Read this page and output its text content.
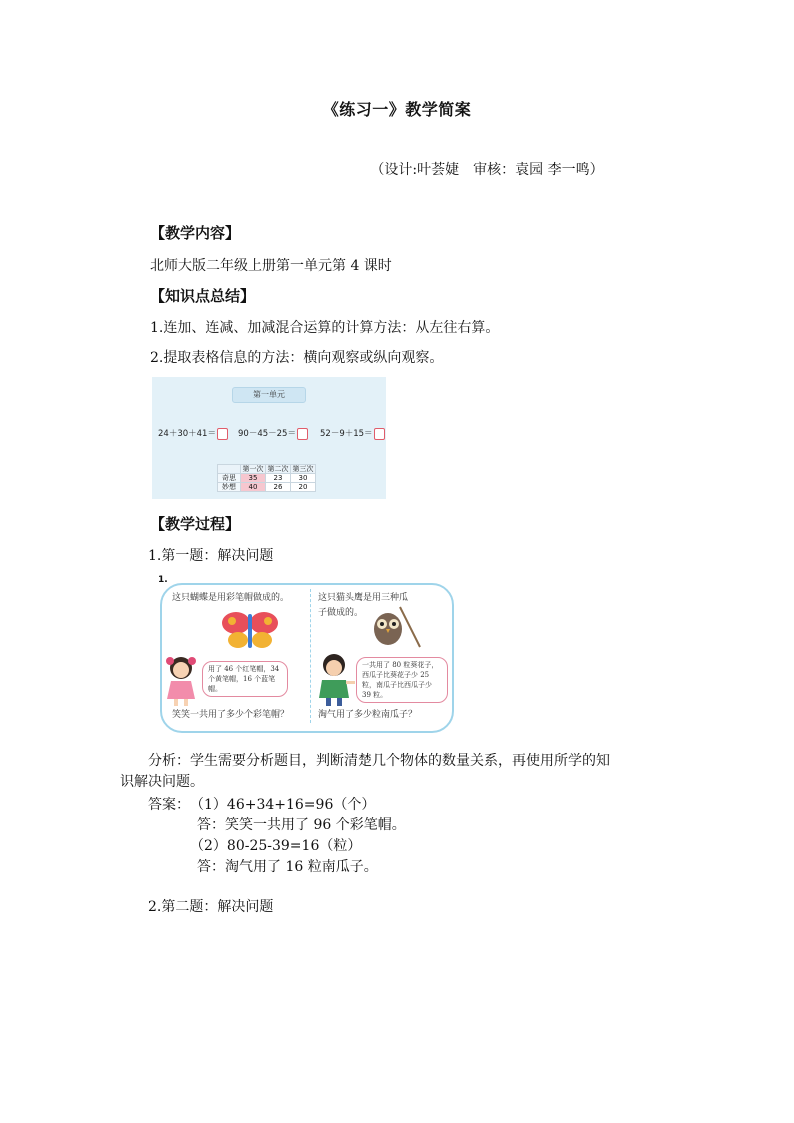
《练习一》教学简案
（设计:叶荟婕　审核：袁园 李一鸣）
【教学内容】
北师大版二年级上册第一单元第 4 课时
【知识点总结】
1.连加、连减、加减混合运算的计算方法：从左往右算。
2.提取表格信息的方法：横向观察或纵向观察。
第一单元
24＋30＋41＝	90－45－25＝	52－9＋15＝
	第一次	第二次	第三次
奇思	35	23	30
妙想	40	26	20
【教学过程】
1.第一题：解决问题
1.
这只蝴蝶是用彩笔帽做成的。
用了 46 个红笔帽，34 个黄笔帽，16 个蓝笔帽。
笑笑一共用了多少个彩笔帽？
这只猫头鹰是用三种瓜
子做成的。
一共用了 80 粒葵花子，西瓜子比葵花子少 25 粒，南瓜子比西瓜子少 39 粒。
淘气用了多少粒南瓜子？
分析：学生需要分析题目，判断清楚几个物体的数量关系，再使用所学的知
识解决问题。
答案： （1）46+34+16=96（个）
答：笑笑一共用了 96 个彩笔帽。
（2）80-25-39=16（粒）
答：淘气用了 16 粒南瓜子。
2.第二题：解决问题
